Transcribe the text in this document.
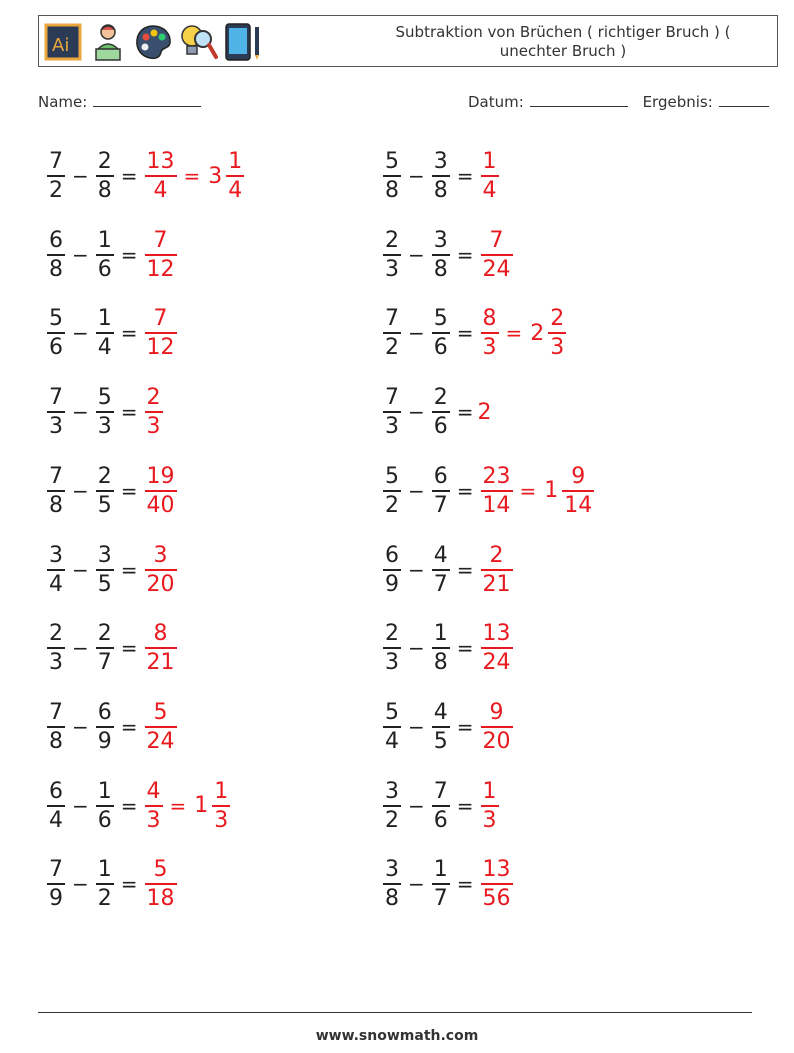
Ai
Subtraktion von Brüchen ( richtiger Bruch ) ( unechter Bruch )
Name:	Datum:	Ergebnis:
$\frac{7}{2} - \frac{2}{8} = \frac{13}{4} = 3 \frac{1}{4}$	$\frac{5}{8} - \frac{3}{8} = \frac{1}{4}$
$\frac{6}{8} - \frac{1}{6} = \frac{7}{12}$	$\frac{2}{3} - \frac{3}{8} = \frac{7}{24}$
$\frac{5}{6} - \frac{1}{4} = \frac{7}{12}$	$\frac{7}{2} - \frac{5}{6} = \frac{8}{3} = 2 \frac{2}{3}$
$\frac{7}{3} - \frac{5}{3} = \frac{2}{3}$	$\frac{7}{3} - \frac{2}{6} = 2$
$\frac{7}{8} - \frac{2}{5} = \frac{19}{40}$	$\frac{5}{2} - \frac{6}{7} = \frac{23}{14} = 1 \frac{9}{14}$
$\frac{3}{4} - \frac{3}{5} = \frac{3}{20}$	$\frac{6}{9} - \frac{4}{7} = \frac{2}{21}$
$\frac{2}{3} - \frac{2}{7} = \frac{8}{21}$	$\frac{2}{3} - \frac{1}{8} = \frac{13}{24}$
$\frac{7}{8} - \frac{6}{9} = \frac{5}{24}$	$\frac{5}{4} - \frac{4}{5} = \frac{9}{20}$
$\frac{6}{4} - \frac{1}{6} = \frac{4}{3} = 1 \frac{1}{3}$	$\frac{3}{2} - \frac{7}{6} = \frac{1}{3}$
$\frac{7}{9} - \frac{1}{2} = \frac{5}{18}$	$\frac{3}{8} - \frac{1}{7} = \frac{13}{56}$
www.snowmath.com
